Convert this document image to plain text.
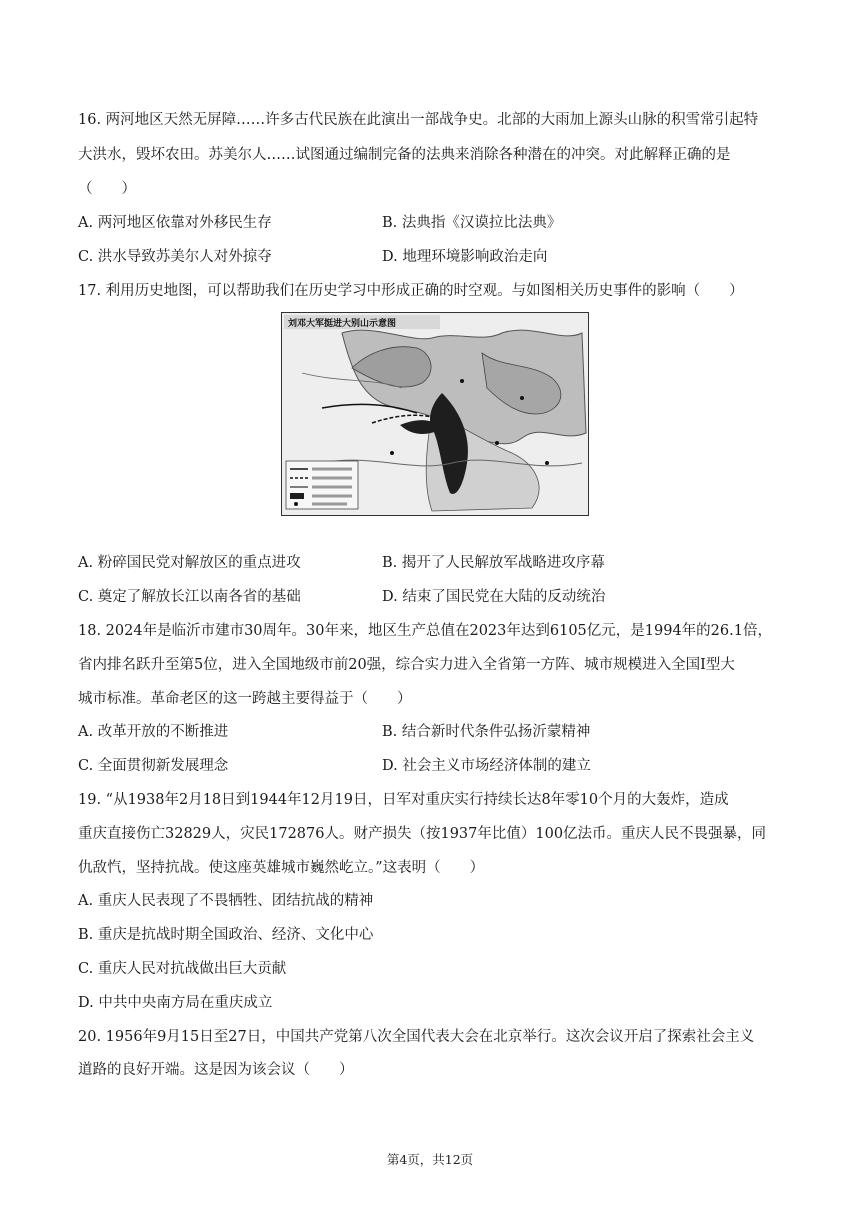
16. 两河地区天然无屏障……许多古代民族在此演出一部战争史。北部的大雨加上源头山脉的积雪常引起特
大洪水，毁坏农田。苏美尔人……试图通过编制完备的法典来消除各种潜在的冲突。对此解释正确的是
（　　）
A. 两河地区依靠对外移民生存	B. 法典指《汉谟拉比法典》
C. 洪水导致苏美尔人对外掠夺	D. 地理环境影响政治走向
17. 利用历史地图，可以帮助我们在历史学习中形成正确的时空观。与如图相关历史事件的影响（　　）
刘邓大军挺进大别山示意图
A. 粉碎国民党对解放区的重点进攻	B. 揭开了人民解放军战略进攻序幕
C. 奠定了解放长江以南各省的基础	D. 结束了国民党在大陆的反动统治
18. 2024年是临沂市建市30周年。30年来，地区生产总值在2023年达到6105亿元，是1994年的26.1倍，
省内排名跃升至第5位，进入全国地级市前20强，综合实力进入全省第一方阵、城市规模进入全国Ⅰ型大
城市标准。革命老区的这一跨越主要得益于（　　）
A. 改革开放的不断推进	B. 结合新时代条件弘扬沂蒙精神
C. 全面贯彻新发展理念	D. 社会主义市场经济体制的建立
19. “从1938年2月18日到1944年12月19日，日军对重庆实行持续长达8年零10个月的大轰炸，造成
重庆直接伤亡32829人，灾民172876人。财产损失（按1937年比值）100亿法币。重庆人民不畏强暴，同
仇敌忾，坚持抗战。使这座英雄城市巍然屹立。”这表明（　　）
A. 重庆人民表现了不畏牺牲、团结抗战的精神
B. 重庆是抗战时期全国政治、经济、文化中心
C. 重庆人民对抗战做出巨大贡献
D. 中共中央南方局在重庆成立
20. 1956年9月15日至27日，中国共产党第八次全国代表大会在北京举行。这次会议开启了探索社会主义
道路的良好开端。这是因为该会议（　　）
第4页，共12页
